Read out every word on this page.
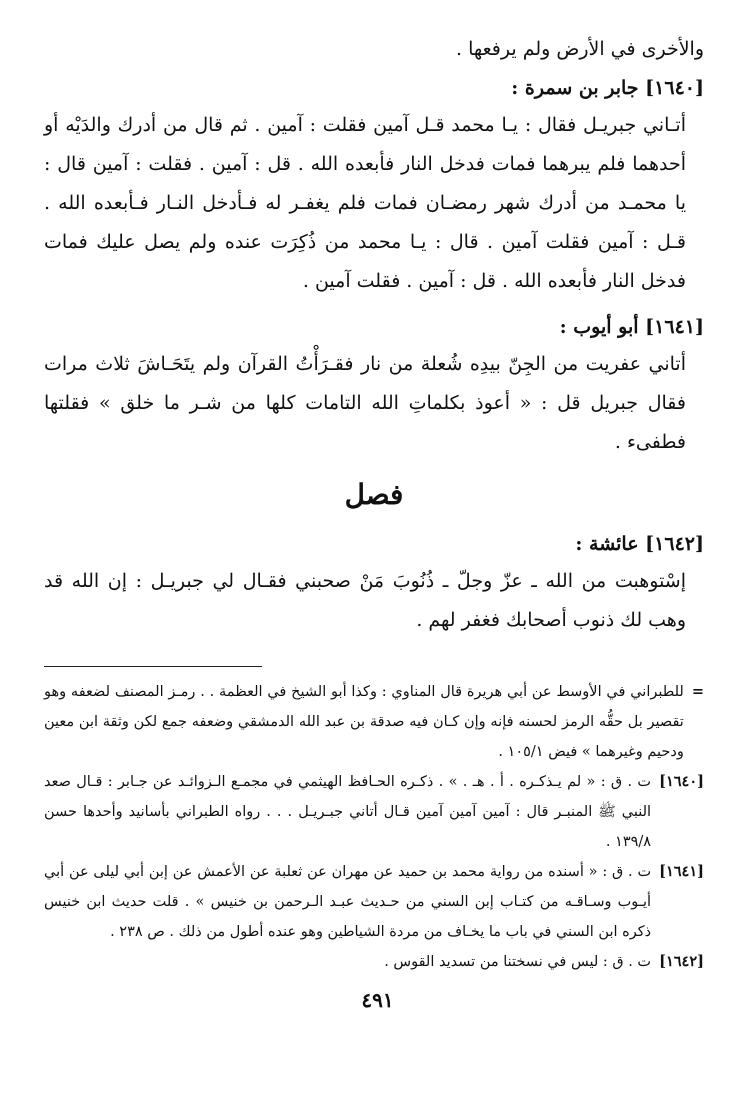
والأخرى في الأرض ولم يرفعها .
[١٦٤٠] جابر بن سمرة :
أتـاني جبريـل فقال : يـا محمد قـل آمين فقلت : آمين . ثم قال من أدرك والدَيْه أو أحدهما فلم يبرهما فمات فدخل النار فأبعده الله . قل : آمين . فقلت : آمين قال : يا محمـد من أدرك شهر رمضـان فمات فلم يغفـر له فـأدخل النـار فـأبعده الله . قـل : آمين فقلت آمين . قال : يـا محمد من ذُكِرَت عنده ولم يصل عليك فمات فدخل النار فأبعده الله . قل : آمين . فقلت آمين .
[١٦٤١] أبو أيوب :
أتاني عفريت من الجِنّ بيدِه شُعلة من نار فقـرَأْتُ القرآن ولم يتَحَـاشَ ثلاث مرات فقال جبريل قل : « أعوذ بكلماتِ الله التامات كلها من شـر ما خلق » فقلتها فطفىء .
فصل
[١٦٤٢] عائشة :
إسْتوهبت من الله ـ عزّ وجلّ ـ ذُنُوبَ مَنْ صحبني فقـال لي جبريـل : إن الله قد وهب لك ذنوب أصحابك فغفر لهم .
=
للطبراني في الأوسط عن أبي هريرة قال المناوي : وكذا أبو الشيخ في العظمة . . رمـز المصنف لضعفه وهو تقصير بل حقُّه الرمز لحسنه فإنه وإن كـان فيه صدقة بن عبد الله الدمشقي وضعفه جمع لكن وثقة ابن معين ودحيم وغيرهما » فيض ١٠٥/١ .
[١٦٤٠]
ت . ق : « لم يـذكـره . أ . هـ . » . ذكـره الحـافظ الهيثمي في مجمـع الـزوائـد عن جـابر : قـال صعد النبي ﷺ المنبـر قال : آمين آمين آمين قـال أتاني جبـريـل . . . رواه الطبراني بأسانيد وأحدها حسن ١٣٩/٨ .
[١٦٤١]
ت . ق : « أسنده من رواية محمد بن حميد عن مهران عن ثعلبة عن الأعمش عن إبن أبي ليلى عن أبي أيـوب وسـاقـه من كتـاب إبن السني من حـديث عبـد الـرحمن بن خنيس » . قلت حديث ابن خنيس ذكره ابن السني في باب ما يخـاف من مردة الشياطين وهو عنده أطول من ذلك . ص ٢٣٨ .
[١٦٤٢]
ت . ق : ليس في نسختنا من تسديد القوس .
٤٩١
